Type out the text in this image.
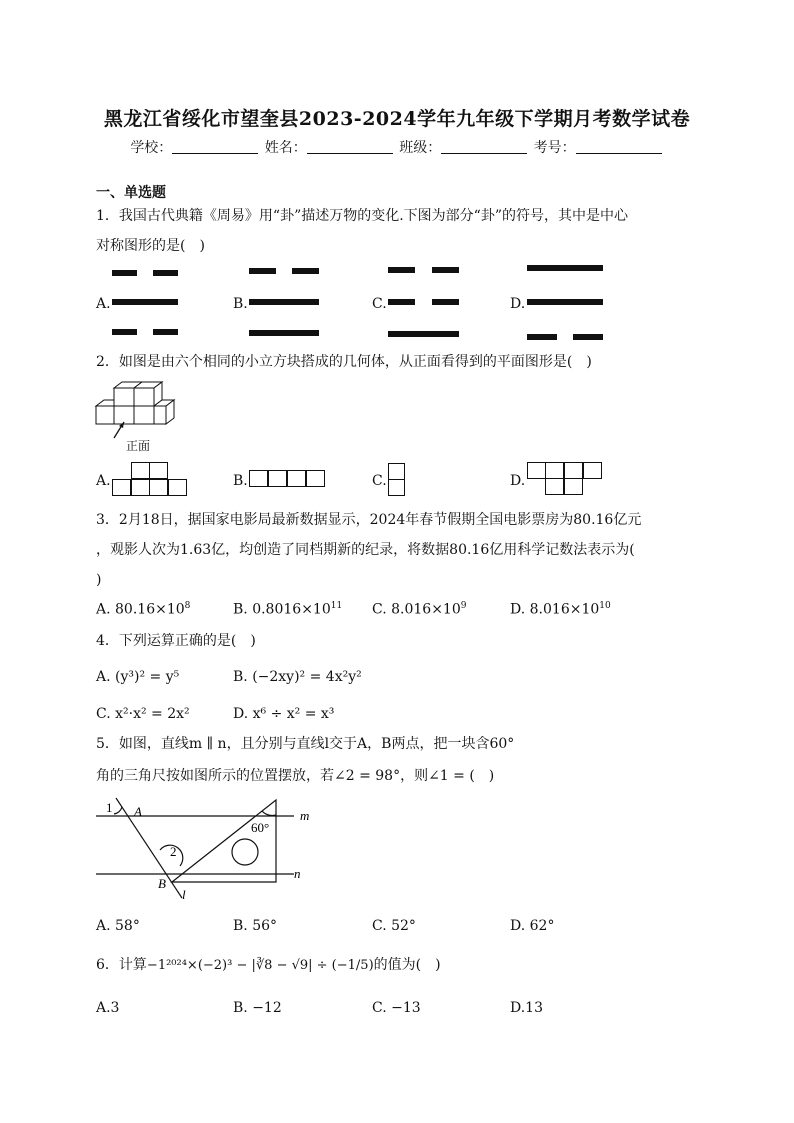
黑龙江省绥化市望奎县2023-2024学年九年级下学期月考数学试卷
学校：	姓名：	班级：	考号：
一、单选题
1．我国古代典籍《周易》用“卦”描述万物的变化.下图为部分“卦”的符号，其中是中心
对称图形的是(　)
A.	B.	C.	D.
2．如图是由六个相同的小立方块搭成的几何体，从正面看得到的平面图形是(　)
正面
A.	B.	C.	D.
3．2月18日，据国家电影局最新数据显示，2024年春节假期全国电影票房为80.16亿元
，观影人次为1.63亿，均创造了同档期新的纪录，将数据80.16亿用科学记数法表示为(
)
A. $80.16\times 10^8$	B. $0.8016\times 10^{11}$ C. $8.016\times 10^9$	D. $8.016\times 10^{10}$
4．下列运算正确的是(　)
A. (y³)² = y⁵	B. (−2xy)² = 4x²y²
C. x²·x² = 2x²	D. x⁶ ÷ x² = x³
5．如图，直线m ∥ n，且分别与直线l交于A，B两点，把一块含60°
角的三角尺按如图所示的位置摆放，若∠2 = 98°，则∠1 = (　)
1 A
2
B
l
m
n
60°
A. 58°	B. 56°	C. 52°	D. 62°
6．计算−1²⁰²⁴×(−2)³ − |∛8 − √9| ÷ (−1/5)的值为(　)
A.3	B. −12	C. −13	D.13
